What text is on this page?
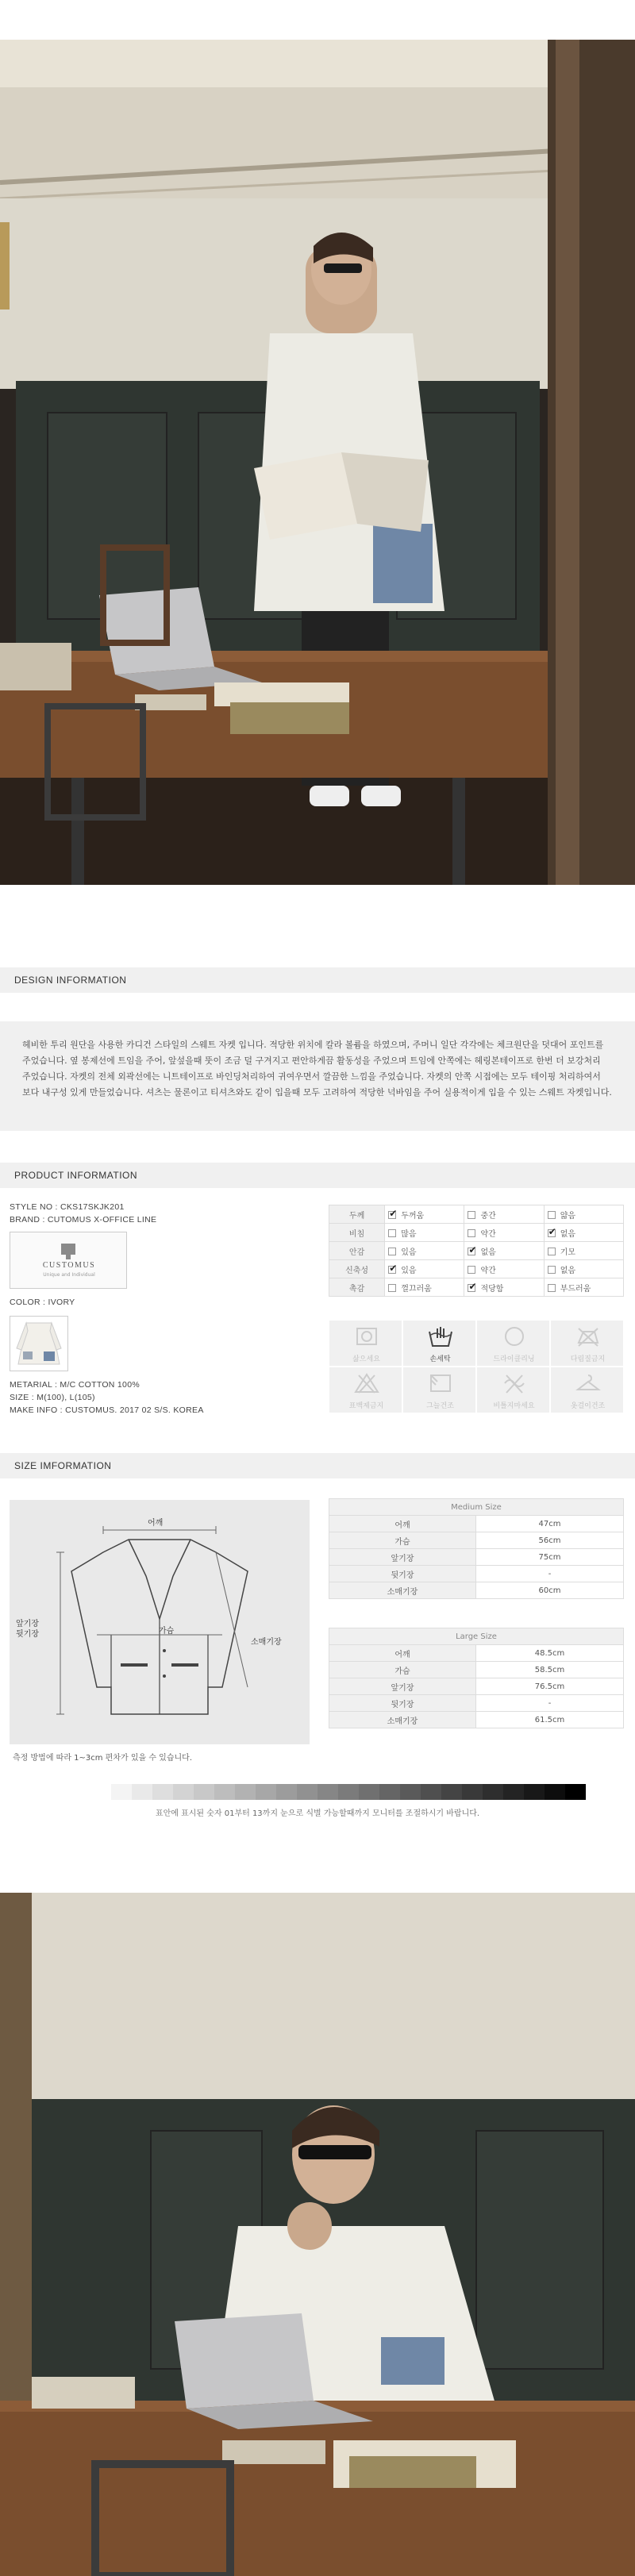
DESIGN INFORMATION
헤비한 투리 원단을 사용한 카디건 스타일의 스웨트 자켓 입니다. 적당한 위치에 칼라 볼륨을 하였으며, 주머니 일단 각각에는 체크원단을 덧대어 포인트를
주었습니다. 옆 봉제선에 트임을 주어, 앞섶을때 뚯이 조금 덜 구겨지고 편안하게끔 활동성을 주었으며 트임에 안쪽에는 헤링본테이프로 한번 더 보강처리
주었습니다. 자켓의 전체 외곽선에는 니트테이프로 바인딩처리하여 귀여우면서 깔끔한 느낌을 주었습니다. 자켓의 안쪽 시접에는 모두 테이핑 처리하여서
보다 내구성 있게 만들었습니다. 셔츠는 물론이고 티셔츠와도 같이 입을때 모두 고려하여 적당한 넉바임을 주어 실용적이게 입을 수 있는 스웨트 자켓입니다.
PRODUCT INFORMATION
STYLE NO : CKS17SKJK201
BRAND : CUTOMUS X-OFFICE LINE
CUSTOMUS
Unique and Individual
COLOR : IVORY
METARIAL : M/C COTTON 100%
SIZE : M(100), L(105)
MAKE INFO : CUSTOMUS. 2017 02 S/S. KOREA
두께	✔두꺼움	중간	얇음
비침	많음	약간	✔없음
안감	있음	✔없음	기모
신축성	✔있음	약간	없음
촉감	껄끄러움	✔적당함	부드러움
삶으세요	손세탁	드라이클리닝	다림질금지
표백제금지	그늘건조	비틀지마세요	옷걸이건조
SIZE IMFORMATION
어깨
가슴
앞기장
뒷기장
소매기장
측정 방법에 따라 1~3cm 편차가 있을 수 있습니다.
Medium Size	
어깨	47cm
가슴	56cm
앞기장	75cm
뒷기장	-
소매기장	60cm
Large Size	
어깨	48.5cm
가슴	58.5cm
앞기장	76.5cm
뒷기장	-
소매기장	61.5cm
표안에 표시된 숫자 01부터 13까지 눈으로 식별 가능할때까지 모니터를 조절하시기 바랍니다.
